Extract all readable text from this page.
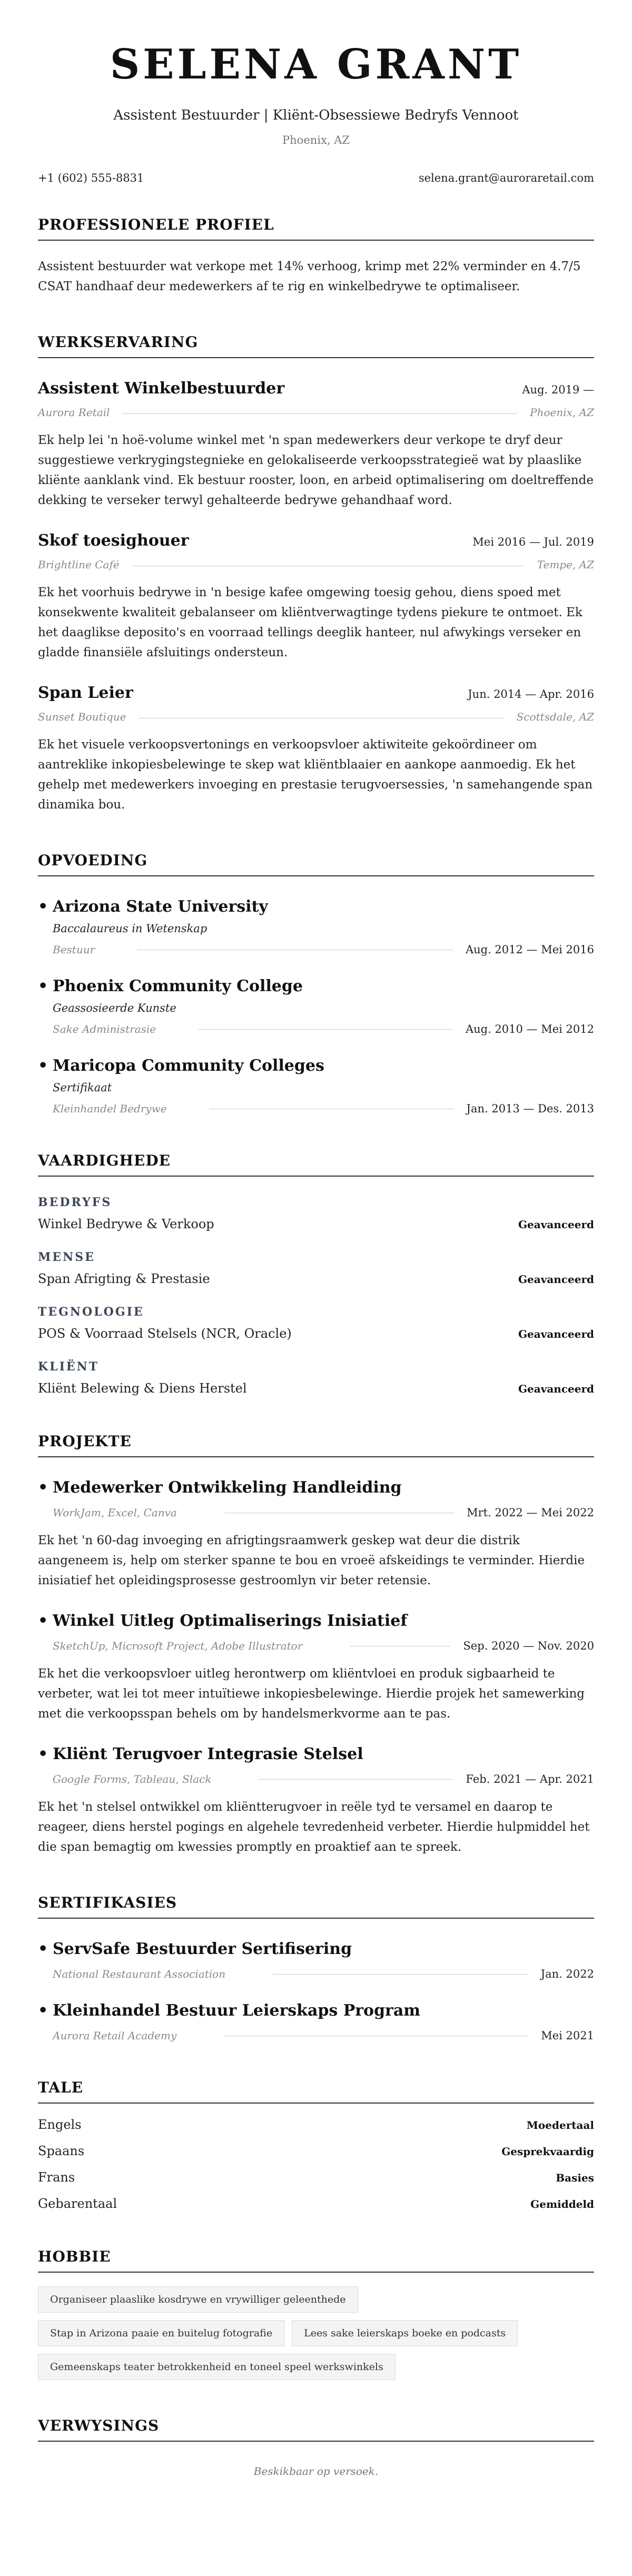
SELENA GRANT
Assistent Bestuurder | Kliënt-Obsessiewe Bedryfs Vennoot
Phoenix, AZ
+1 (602) 555-8831	selena.grant@auroraretail.com
PROFESSIONELE PROFIEL
Assistent bestuurder wat verkope met 14% verhoog, krimp met 22% verminder en 4.7/5 CSAT handhaaf deur medewerkers af te rig en winkelbedrywe te optimaliseer.
WERKSERVARING
Assistent Winkelbestuurder	Aug. 2019 —
Aurora Retail	Phoenix, AZ
Ek help lei 'n hoë-volume winkel met 'n span medewerkers deur verkope te dryf deur suggestiewe verkrygingstegnieke en gelokaliseerde verkoopsstrategieë wat by plaaslike kliënte aanklank vind. Ek bestuur rooster, loon, en arbeid optimalisering om doeltreffende dekking te verseker terwyl gehalteerde bedrywe gehandhaaf word.
Skof toesighouer	Mei 2016 — Jul. 2019
Brightline Café	Tempe, AZ
Ek het voorhuis bedrywe in 'n besige kafee omgewing toesig gehou, diens spoed met konsekwente kwaliteit gebalanseer om kliëntverwagtinge tydens piekure te ontmoet. Ek het daaglikse deposito's en voorraad tellings deeglik hanteer, nul afwykings verseker en gladde finansiële afsluitings ondersteun.
Span Leier	Jun. 2014 — Apr. 2016
Sunset Boutique	Scottsdale, AZ
Ek het visuele verkoopsvertonings en verkoopsvloer aktiwiteite gekoördineer om aantreklike inkopiesbelewinge te skep wat kliëntblaaier en aankope aanmoedig. Ek het gehelp met medewerkers invoeging en prestasie terugvoersessies, 'n samehangende span dinamika bou.
OPVOEDING
• Arizona State University
Baccalaureus in Wetenskap
Bestuur	Aug. 2012 — Mei 2016
• Phoenix Community College
Geassosieerde Kunste
Sake Administrasie	Aug. 2010 — Mei 2012
• Maricopa Community Colleges
Sertifikaat
Kleinhandel Bedrywe	Jan. 2013 — Des. 2013
VAARDIGHEDE
BEDRYFS
Winkel Bedrywe & Verkoop	Geavanceerd
MENSE
Span Afrigting & Prestasie	Geavanceerd
TEGNOLOGIE
POS & Voorraad Stelsels (NCR, Oracle)	Geavanceerd
KLIËNT
Kliënt Belewing & Diens Herstel	Geavanceerd
PROJEKTE
• Medewerker Ontwikkeling Handleiding
WorkJam, Excel, Canva	Mrt. 2022 — Mei 2022
Ek het 'n 60-dag invoeging en afrigtingsraamwerk geskep wat deur die distrik aangeneem is, help om sterker spanne te bou en vroeë afskeidings te verminder. Hierdie inisiatief het opleidingsprosesse gestroomlyn vir beter retensie.
• Winkel Uitleg Optimaliserings Inisiatief
SketchUp, Microsoft Project, Adobe Illustrator	Sep. 2020 — Nov. 2020
Ek het die verkoopsvloer uitleg herontwerp om kliëntvloei en produk sigbaarheid te verbeter, wat lei tot meer intuïtiewe inkopiesbelewinge. Hierdie projek het samewerking met die verkoopsspan behels om by handelsmerkvorme aan te pas.
• Kliënt Terugvoer Integrasie Stelsel
Google Forms, Tableau, Slack	Feb. 2021 — Apr. 2021
Ek het 'n stelsel ontwikkel om kliëntterugvoer in reële tyd te versamel en daarop te reageer, diens herstel pogings en algehele tevredenheid verbeter. Hierdie hulpmiddel het die span bemagtig om kwessies promptly en proaktief aan te spreek.
SERTIFIKASIES
• ServSafe Bestuurder Sertifisering
National Restaurant Association	Jan. 2022
• Kleinhandel Bestuur Leierskaps Program
Aurora Retail Academy	Mei 2021
TALE
Engels	Moedertaal
Spaans	Gesprekvaardig
Frans	Basies
Gebarentaal	Gemiddeld
HOBBIE
Organiseer plaaslike kosdrywe en vrywilliger geleenthede
Stap in Arizona paaie en buitelug fotografie	Lees sake leierskaps boeke en podcasts
Gemeenskaps teater betrokkenheid en toneel speel werkswinkels
VERWYSINGS
Beskikbaar op versoek.
